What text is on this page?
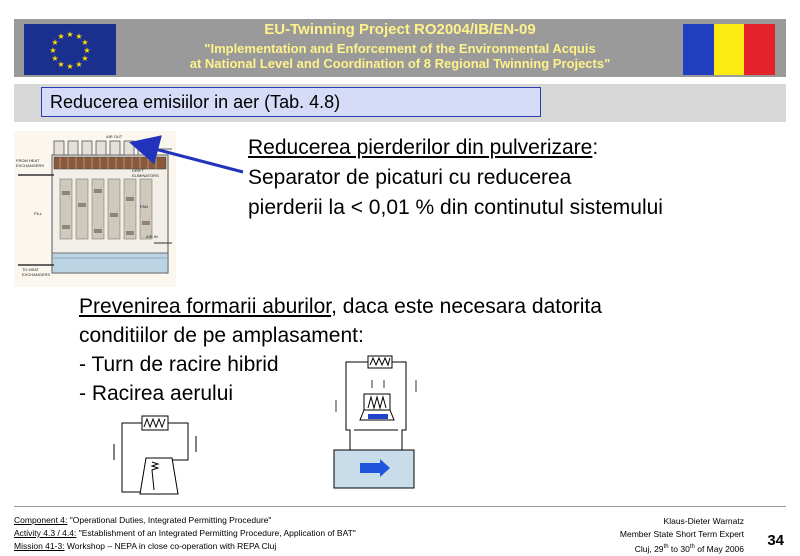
★ ★
★
★
★
★
★
★
★
★
★
★	EU-Twinning Project RO2004/IB/EN-09
"Implementation and Enforcement of the Environmental Acquis
at National Level and Coordination of 8 Regional Twinning Projects"
Reducerea emisiilor in aer (Tab. 4.8)
AIR OUT
FROM HEAT
EXCHANGERS
DRIFT
ELIMINATORS
FILL
FAN
AIR IN
TO HEAT
EXCHANGERS
Reducerea pierderilor din pulverizare:
Separator de picaturi cu reducerea
pierderii la < 0,01 % din continutul sistemului
Prevenirea formarii aburilor, daca este necesara datorita
conditiilor de pe amplasament:
- Turn de racire hibrid
- Racirea aerului
Component 4: "Operational Duties, Integrated Permitting Procedure"
Activity 4.3 / 4.4: "Establishment of an Integrated Permitting Procedure, Application of BAT"
Mission 41-3: Workshop – NEPA in close co-operation with REPA Cluj
Klaus-Dieter Warnatz
Member State Short Term Expert
Cluj, 29th to 30th of May 2006 34
